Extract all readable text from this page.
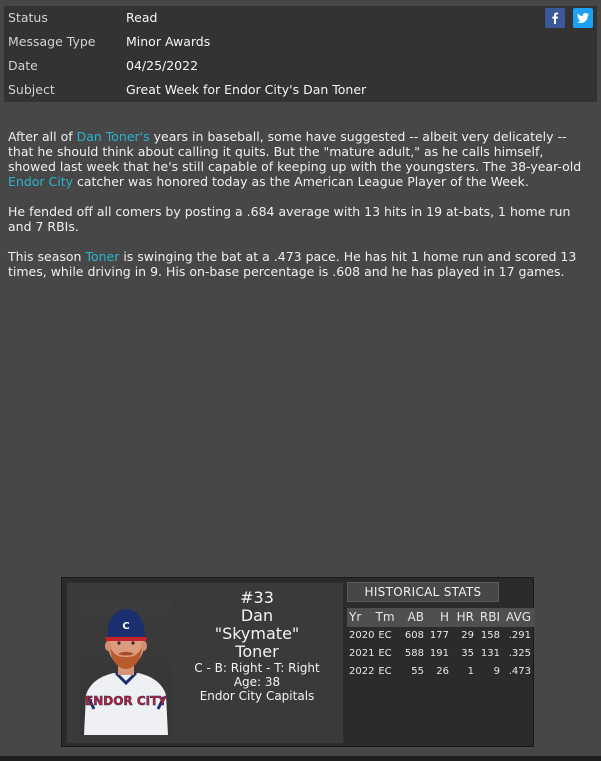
Status	Read
Message Type Minor Awards
Date	04/25/2022
Subject	Great Week for Endor City's Dan Toner

After all of Dan Toner's years in baseball, some have suggested -- albeit very delicately -- that he should think about calling it quits. But the "mature adult," as he calls himself, showed last week that he's still capable of keeping up with the youngsters. The 38-year-old Endor City catcher was honored today as the American League Player of the Week.

He fended off all comers by posting a .684 average with 13 hits in 19 at-bats, 1 home run and 7 RBIs.

This season Toner is swinging the bat at a .473 pace. He has hit 1 home run and scored 13 times, while driving in 9. His on-base percentage is .608 and he has played in 17 games.

C
ENDOR CITY
#33
Dan
"Skymate"
Toner
C - B: Right - T: Right
Age: 38
Endor City Capitals
HISTORICAL STATS
Yr	Tm	AB	H HR RBI AVG
2020 EC	608 177	29 158 .291
2021 EC	588 191	35 131 .325
2022 EC	55	26	1	9 .473
